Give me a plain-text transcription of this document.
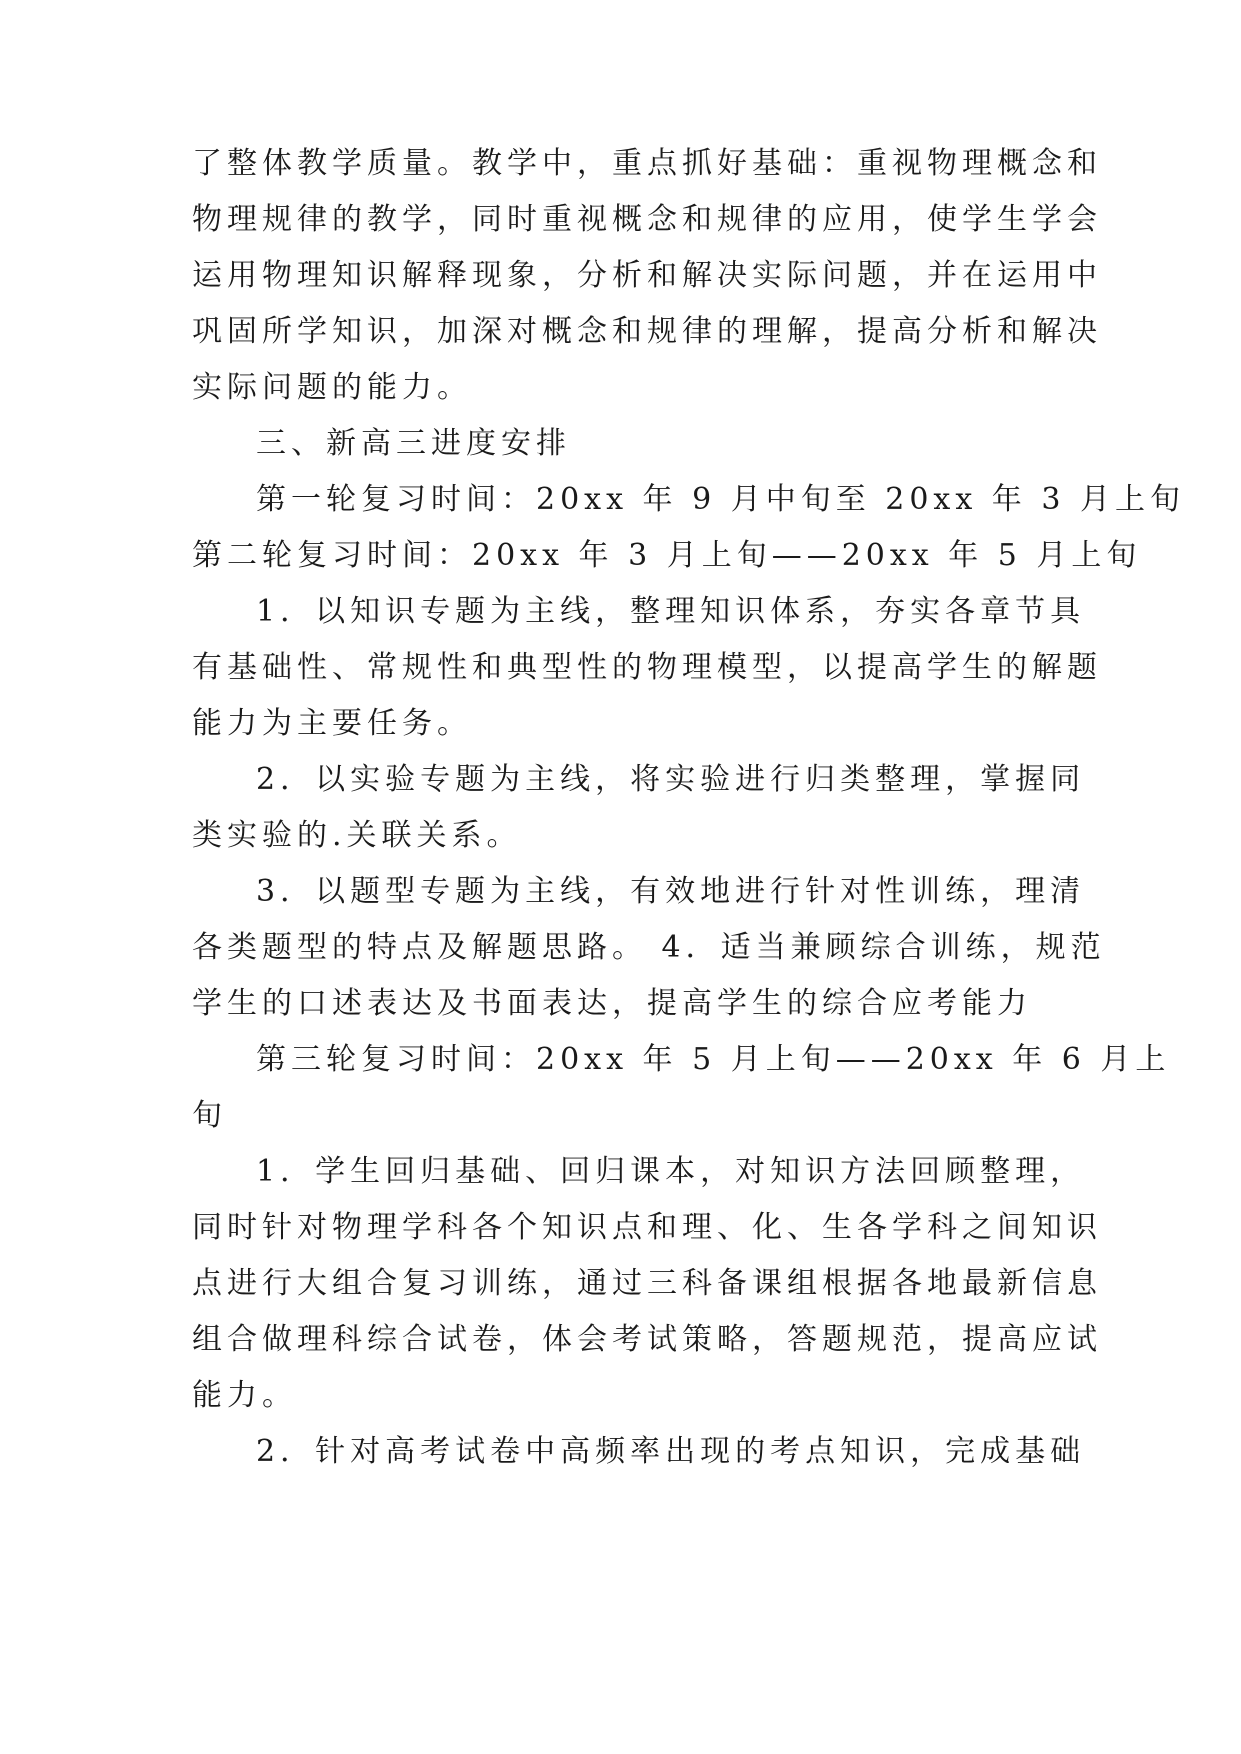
了整体教学质量。教学中，重点抓好基础：重视物理概念和

物理规律的教学，同时重视概念和规律的应用，使学生学会

运用物理知识解释现象，分析和解决实际问题，并在运用中

巩固所学知识，加深对概念和规律的理解，提高分析和解决

实际问题的能力。

三、新高三进度安排

第一轮复习时间：20xx 年 9 月中旬至 20xx 年 3 月上旬

第二轮复习时间：20xx 年 3 月上旬——20xx 年 5 月上旬

1．以知识专题为主线，整理知识体系，夯实各章节具

有基础性、常规性和典型性的物理模型，以提高学生的解题

能力为主要任务。

2．以实验专题为主线，将实验进行归类整理，掌握同

类实验的.关联关系。

3．以题型专题为主线，有效地进行针对性训练，理清

各类题型的特点及解题思路。 4．适当兼顾综合训练，规范

学生的口述表达及书面表达，提高学生的综合应考能力

第三轮复习时间：20xx 年 5 月上旬——20xx 年 6 月上

旬

1．学生回归基础、回归课本，对知识方法回顾整理，

同时针对物理学科各个知识点和理、化、生各学科之间知识

点进行大组合复习训练，通过三科备课组根据各地最新信息

组合做理科综合试卷，体会考试策略，答题规范，提高应试

能力。

2．针对高考试卷中高频率出现的考点知识，完成基础
